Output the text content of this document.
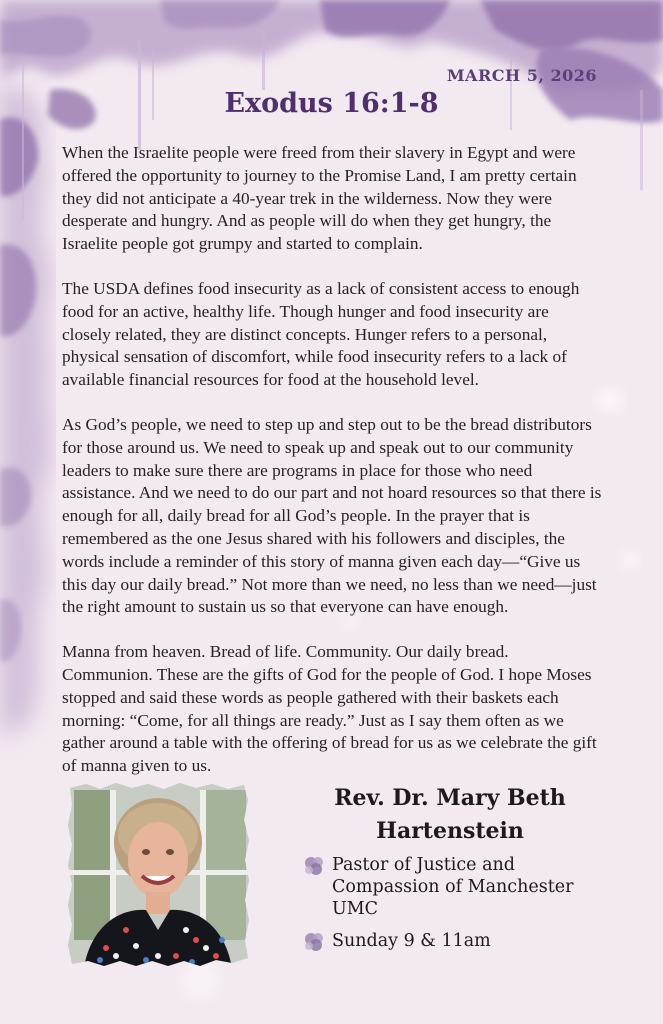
MARCH 5, 2026
Exodus 16:1-8

When the Israelite people were freed from their slavery in Egypt and were offered the opportunity to journey to the Promise Land, I am pretty certain they did not anticipate a 40-year trek in the wilderness. Now they were desperate and hungry. And as people will do when they get hungry, the Israelite people got grumpy and started to complain.

The USDA defines food insecurity as a lack of consistent access to enough food for an active, healthy life. Though hunger and food insecurity are closely related, they are distinct concepts. Hunger refers to a personal, physical sensation of discomfort, while food insecurity refers to a lack of available financial resources for food at the household level.

As God’s people, we need to step up and step out to be the bread distributors for those around us. We need to speak up and speak out to our community leaders to make sure there are programs in place for those who need assistance. And we need to do our part and not hoard resources so that there is enough for all, daily bread for all God’s people. In the prayer that is remembered as the one Jesus shared with his followers and disciples, the words include a reminder of this story of manna given each day—“Give us this day our daily bread.” Not more than we need, no less than we need—just the right amount to sustain us so that everyone can have enough.

Manna from heaven. Bread of life. Community. Our daily bread. Communion. These are the gifts of God for the people of God. I hope Moses stopped and said these words as people gathered with their baskets each morning: “Come, for all things are ready.” Just as I say them often as we gather around a table with the offering of bread for us as we celebrate the gift of manna given to us.

Rev. Dr. Mary Beth Hartenstein
Pastor of Justice and Compassion of Manchester UMC
Sunday 9 & 11am
